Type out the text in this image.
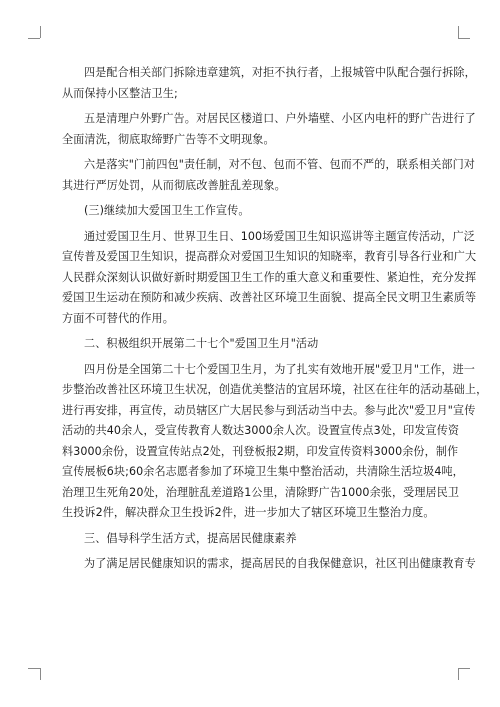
四是配合相关部门拆除违章建筑，对拒不执行者，上报城管中队配合强行拆除，
从而保持小区整洁卫生;
五是清理户外野广告。对居民区楼道口、户外墙壁、小区内电杆的野广告进行了
全面清洗，彻底取缔野广告等不文明现象。
六是落实"门前四包"责任制，对不包、包而不管、包而不严的，联系相关部门对
其进行严厉处罚，从而彻底改善脏乱差现象。
(三)继续加大爱国卫生工作宣传。
通过爱国卫生月、世界卫生日、100场爱国卫生知识巡讲等主题宣传活动，广泛
宣传普及爱国卫生知识，提高群众对爱国卫生知识的知晓率，教育引导各行业和广大
人民群众深刻认识做好新时期爱国卫生工作的重大意义和重要性、紧迫性，充分发挥
爱国卫生运动在预防和减少疾病、改善社区环境卫生面貌、提高全民文明卫生素质等
方面不可替代的作用。
二、积极组织开展第二十七个"爱国卫生月"活动
四月份是全国第二十七个爱国卫生月，为了扎实有效地开展"爱卫月"工作，进一
步整治改善社区环境卫生状况，创造优美整洁的宜居环境，社区在往年的活动基础上，
进行再安排，再宣传，动员辖区广大居民参与到活动当中去。参与此次"爱卫月"宣传
活动的共40余人，受宣传教育人数达3000余人次。设置宣传点3处，印发宣传资
料3000余份，设置宣传站点2处，刊登板报2期，印发宣传资料3000余份，制作
宣传展板6块;60余名志愿者参加了环境卫生集中整治活动，共清除生活垃圾4吨，
治理卫生死角20处，治理脏乱差道路1公里，清除野广告1000余张，受理居民卫
生投诉2件，解决群众卫生投诉2件，进一步加大了辖区环境卫生整治力度。
三、倡导科学生活方式，提高居民健康素养
为了满足居民健康知识的需求，提高居民的自我保健意识，社区刊出健康教育专
